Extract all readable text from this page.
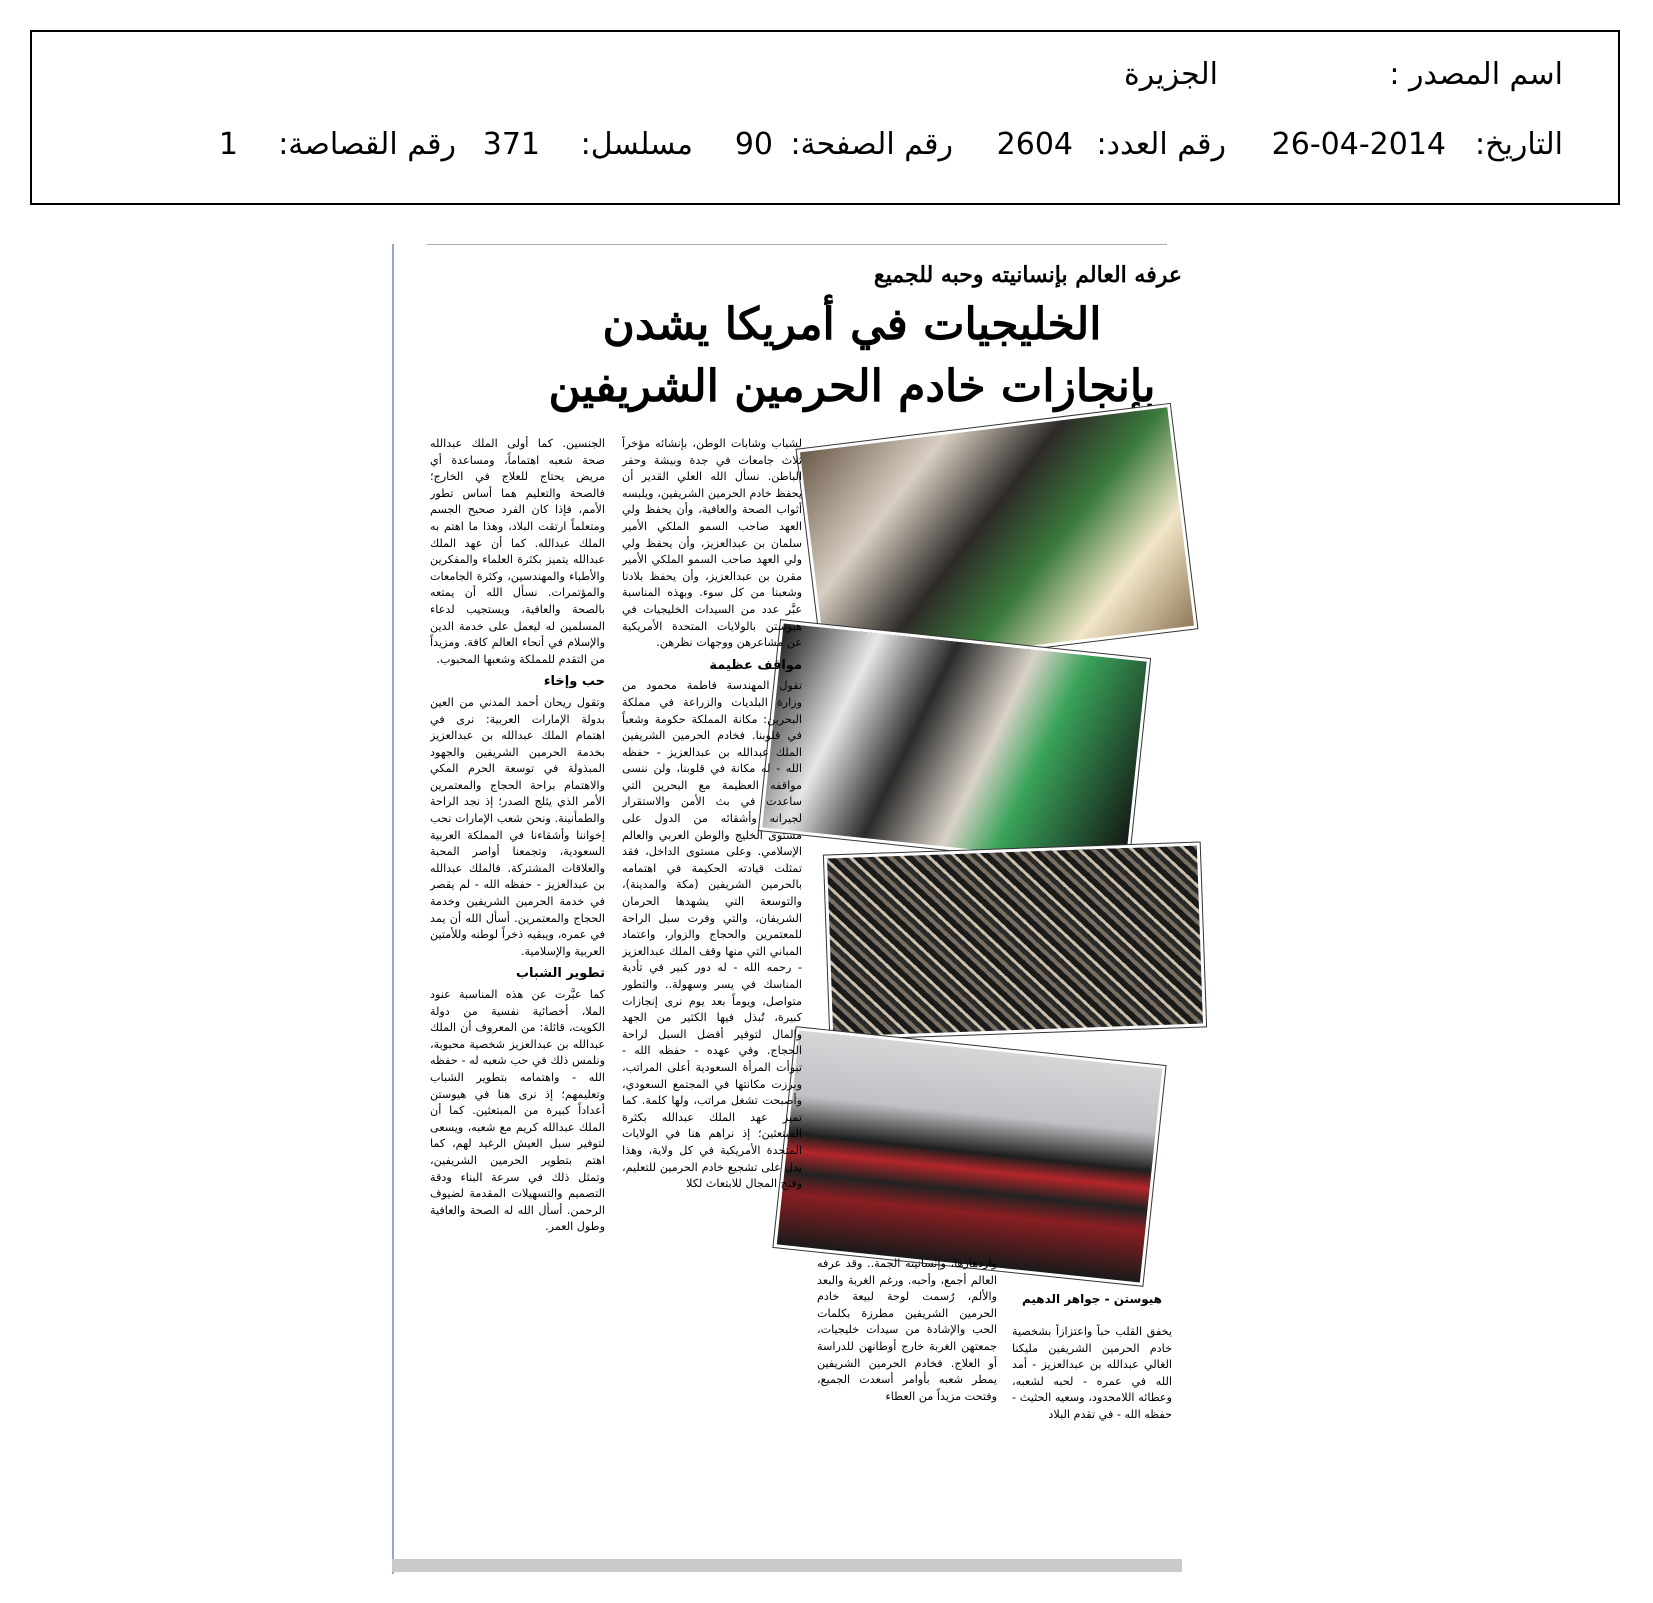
اسم المصدر :
الجزيرة
التاريخ:
26-04-2014
رقم العدد:
2604
رقم الصفحة:
90
مسلسل:
371
رقم القصاصة:
1
عرفه العالم بإنسانيته وحبه للجميع
الخليجيات في أمريكا يشدن بإنجازات خادم الحرمين الشريفين

الجنسين. كما أولى الملك عبدالله صحة شعبه اهتماماً، ومساعدة أي مريض يحتاج للعلاج في الخارج؛ فالصحة والتعليم هما أساس تطور الأمم، فإذا كان الفرد صحيح الجسم ومتعلماً ارتقت البلاد، وهذا ما اهتم به الملك عبدالله. كما أن عهد الملك عبدالله يتميز بكثرة العلماء والمفكرين والأطباء والمهندسين، وكثرة الجامعات والمؤتمرات. نسأل الله أن يمتعه بالصحة والعافية، ويستجيب لدعاء المسلمين له ليعمل على خدمة الدين والإسلام في أنحاء العالم كافة. ومزيداً من التقدم للمملكة وشعبها المحبوب.

حب وإخاء

وتقول ريحان أحمد المدني من العين بدولة الإمارات العربية: نرى في اهتمام الملك عبدالله بن عبدالعزيز بخدمة الحرمين الشريفين والجهود المبذولة في توسعة الحرم المكي والاهتمام براحة الحجاج والمعتمرين الأمر الذي يثلج الصدر؛ إذ نجد الراحة والطمأنينة. ونحن شعب الإمارات نحب إخواننا وأشقاءنا في المملكة العربية السعودية، وتجمعنا أواصر المحبة والعلاقات المشتركة. فالملك عبدالله بن عبدالعزيز - حفظه الله - لم يقصر في خدمة الحرمين الشريفين وخدمة الحجاج والمعتمرين. أسأل الله أن يمد في عمره، ويبقيه ذخراً لوطنه وللأمتين العربية والإسلامية.

تطوير الشباب

كما عبَّرت عن هذه المناسبة عنود الملا، أخصائية نفسية من دولة الكويت، قائلة: من المعروف أن الملك عبدالله بن عبدالعزيز شخصية محبوبة، ونلمس ذلك في حب شعبه له - حفظه الله - واهتمامه بتطوير الشباب وتعليمهم؛ إذ نرى هنا في هيوستن أعداداً كبيرة من المبتعثين. كما أن الملك عبدالله كريم مع شعبه، ويسعى لتوفير سبل العيش الرغيد لهم، كما اهتم بتطوير الحرمين الشريفين، وتمثل ذلك في سرعة البناء ودقة التصميم والتسهيلات المقدمة لضيوف الرحمن. أسأل الله له الصحة والعافية وطول العمر.

لشباب وشابات الوطن، بإنشائه مؤخراً ثلاث جامعات في جدة وبيشة وحفر الباطن. نسأل الله العلي القدير أن يحفظ خادم الحرمين الشريفين، ويلبسه أثواب الصحة والعافية، وأن يحفظ ولي العهد صاحب السمو الملكي الأمير سلمان بن عبدالعزيز، وأن يحفظ ولي ولي العهد صاحب السمو الملكي الأمير مقرن بن عبدالعزيز، وأن يحفظ بلادنا وشعبنا من كل سوء. وبهذه المناسبة عبَّر عدد من السيدات الخليجيات في هيوستن بالولايات المتحدة الأمريكية عن مشاعرهن ووجهات نظرهن.

مواقف عظيمة

تقول المهندسة فاطمة محمود من وزارة البلديات والزراعة في مملكة البحرين: مكانة المملكة حكومة وشعباً في قلوبنا. فخادم الحرمين الشريفين الملك عبدالله بن عبدالعزيز - حفظه الله - له مكانة في قلوبنا، ولن ننسى مواقفه العظيمة مع البحرين التي ساعدت في بث الأمن والاستقرار لجيرانه وأشقائه من الدول على مستوى الخليج والوطن العربي والعالم الإسلامي. وعلى مستوى الداخل، فقد تمثلت قيادته الحكيمة في اهتمامه بالحرمين الشريفين (مكة والمدينة)، والتوسعة التي يشهدها الحرمان الشريفان، والتي وفرت سبل الراحة للمعتمرين والحجاج والزوار، واعتماد المباني التي منها وقف الملك عبدالعزيز - رحمه الله - له دور كبير في تأدية المناسك في يسر وسهولة.. والتطور متواصل، ويوماً بعد يوم نرى إنجازات كبيرة، تُبذل فيها الكثير من الجهد والمال لتوفير أفضل السبل لراحة الحجاج. وفي عهده - حفظه الله - تبوأت المرأة السعودية أعلى المراتب، وبرزت مكانتها في المجتمع السعودي، وأصبحت تشغل مراتب، ولها كلمة. كما تميز عهد الملك عبدالله بكثرة المبتعثين؛ إذ نراهم هنا في الولايات المتحدة الأمريكية في كل ولاية، وهذا يدل على تشجيع خادم الحرمين للتعليم، وفتح المجال للابتعاث لكلا

وازدهارها، وإنسانيته الجمة.. وقد عرفه العالم أجمع، وأحبه. ورغم الغربة والبعد والألم، رُسمت لوحة لبيعة خادم الحرمين الشريفين مطرزة بكلمات الحب والإشادة من سيدات خليجيات، جمعتهن الغربة خارج أوطانهن للدراسة أو العلاج. فخادم الحرمين الشريفين يمطر شعبه بأوامر أسعدت الجميع، وفتحت مزيداً من العطاء

هيوستن - جواهر الدهيم

يخفق القلب حباً واعتزازاً بشخصية خادم الحرمين الشريفين مليكنا الغالي عبدالله بن عبدالعزيز - أمد الله في عمره - لحبه لشعبه، وعطائه اللامحدود، وسعيه الحثيث - حفظه الله - في تقدم البلاد
